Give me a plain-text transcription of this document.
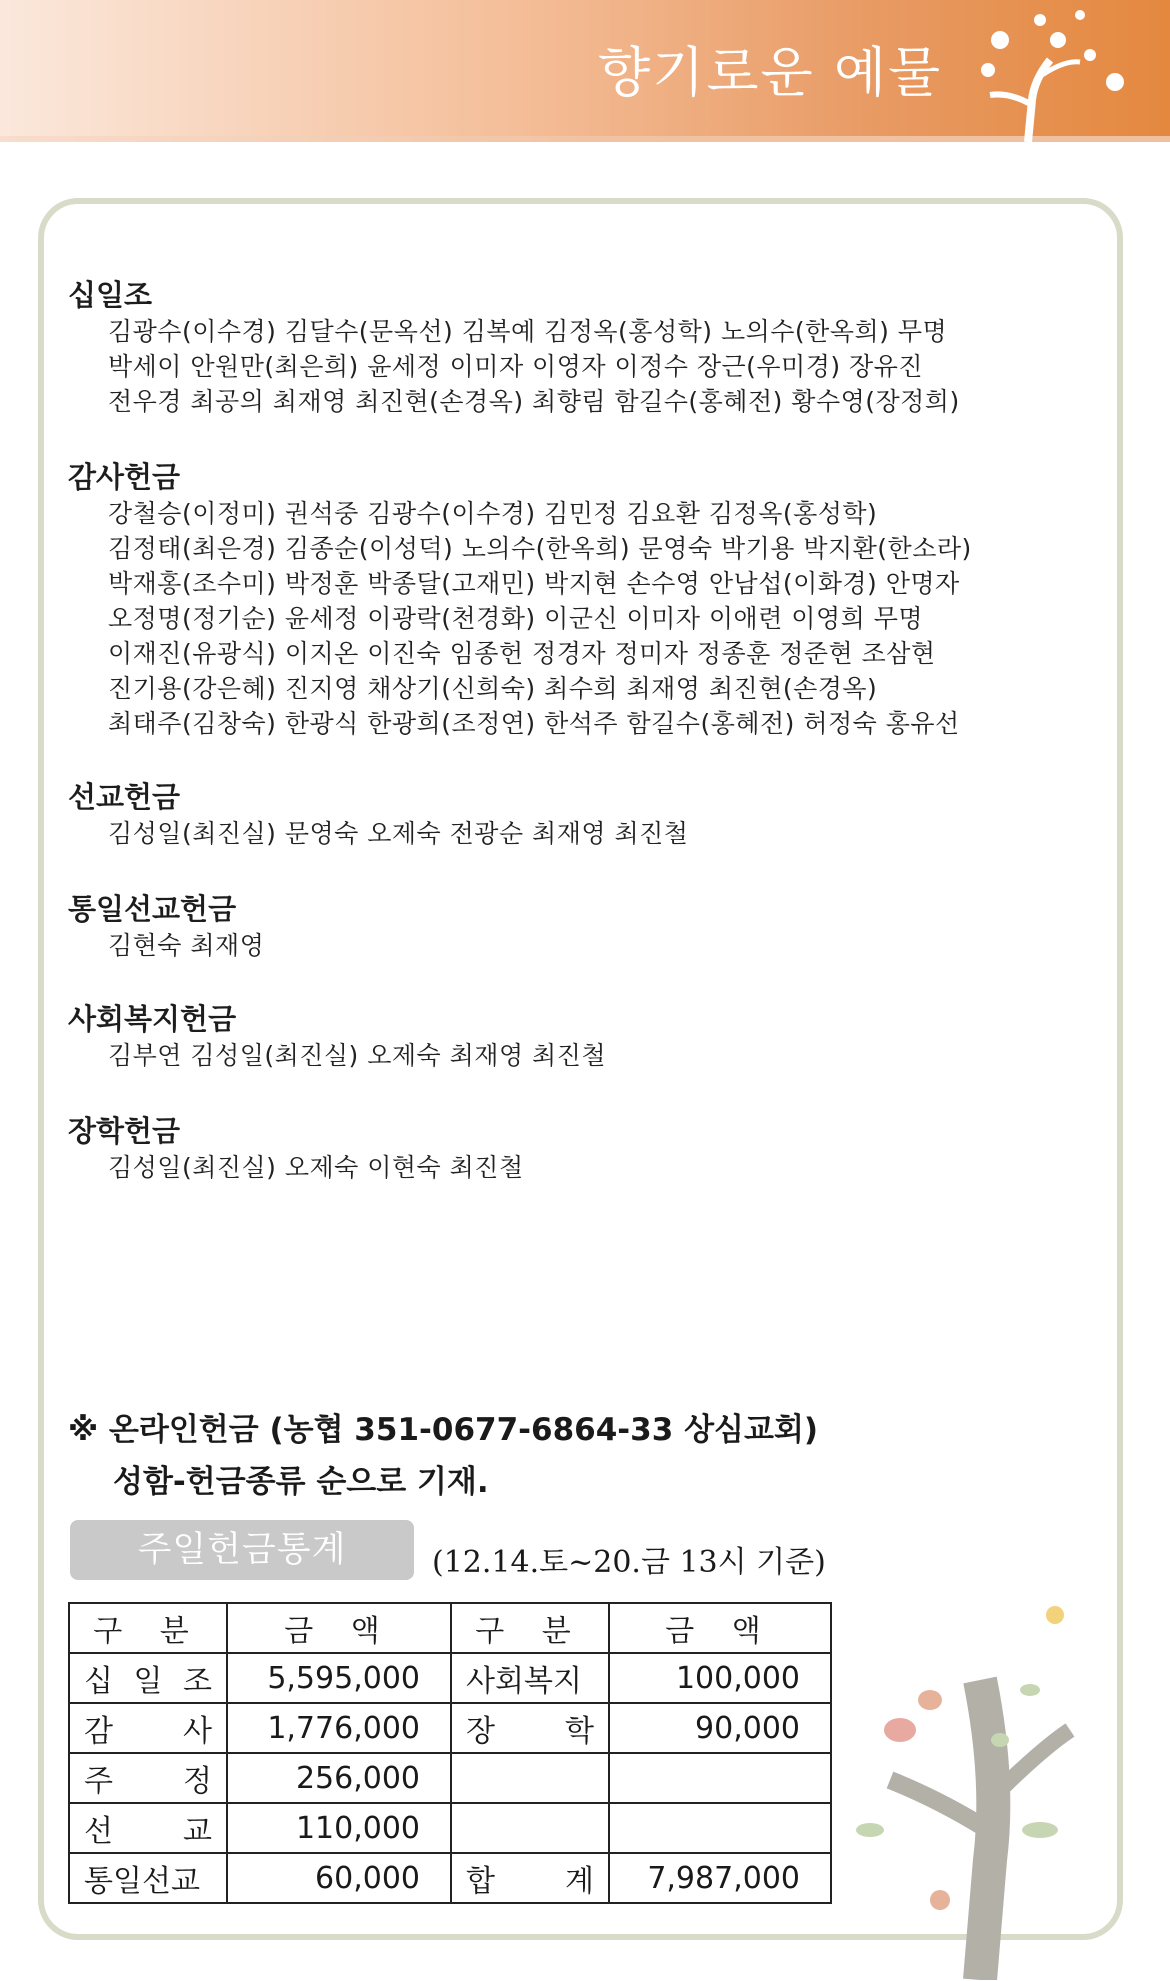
향기로운 예물
십일조
김광수(이수경) 김달수(문옥선) 김복예 김정옥(홍성학) 노의수(한옥희) 무명
박세이 안원만(최은희) 윤세정 이미자 이영자 이정수 장근(우미경) 장유진
전우경 최공의 최재영 최진현(손경옥) 최향림 함길수(홍혜전) 황수영(장정희)
감사헌금
강철승(이정미) 권석중 김광수(이수경) 김민정 김요환 김정옥(홍성학)
김정태(최은경) 김종순(이성덕) 노의수(한옥희) 문영숙 박기용 박지환(한소라)
박재홍(조수미) 박정훈 박종달(고재민) 박지현 손수영 안남섭(이화경) 안명자
오정명(정기순) 윤세정 이광락(천경화) 이군신 이미자 이애련 이영희 무명
이재진(유광식) 이지온 이진숙 임종헌 정경자 정미자 정종훈 정준현 조삼현
진기용(강은혜) 진지영 채상기(신희숙) 최수희 최재영 최진현(손경옥)
최태주(김창숙) 한광식 한광희(조정연) 한석주 함길수(홍혜전) 허정숙 홍유선
선교헌금
김성일(최진실) 문영숙 오제숙 전광순 최재영 최진철
통일선교헌금
김현숙 최재영
사회복지헌금
김부연 김성일(최진실) 오제숙 최재영 최진철
장학헌금
김성일(최진실) 오제숙 이현숙 최진철
※ 온라인헌금 (농협 351-0677-6864-33 상심교회)
성함-헌금종류 순으로 기재.
주일헌금통계	(12.14.토~20.금 13시 기준)
구 분	금 액	구 분	금 액

십 일 조	5,595,000	사회복지	100,000

감 사	1,776,000	장 학	90,000

주 정	256,000	

선 교	110,000	

통일선교	60,000	합 계	7,987,000
